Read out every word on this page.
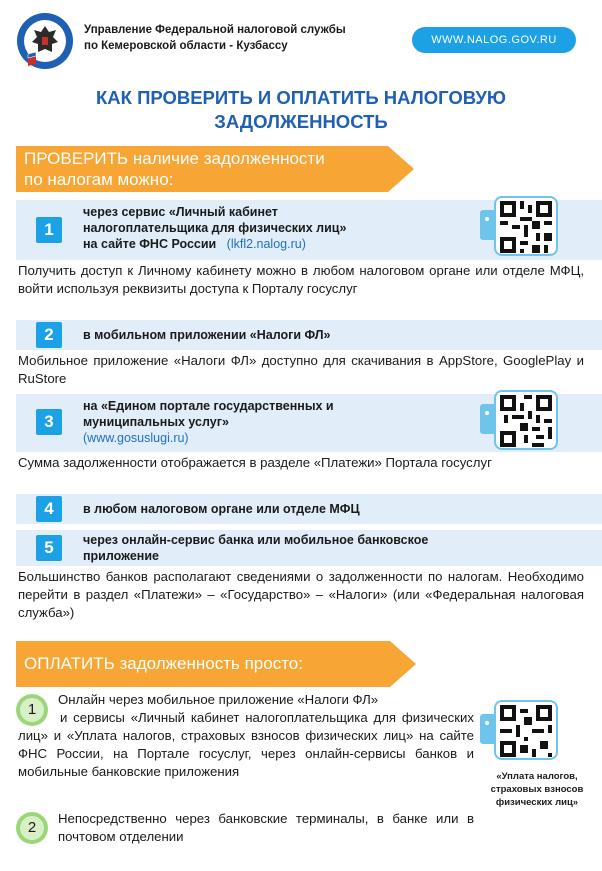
Управление Федеральной налоговой службы
по Кемеровской области - Кузбассу	WWW.NALOG.GOV.RU
КАК ПРОВЕРИТЬ И ОПЛАТИТЬ НАЛОГОВУЮ
ЗАДОЛЖЕННОСТЬ
ПРОВЕРИТЬ наличие задолженности
по налогам можно:
1
через сервис «Личный кабинет
налогоплательщика для физических лиц»
на сайте ФНС России (lkfl2.nalog.ru)
Получить доступ к Личному кабинету можно в любом налоговом органе или отделе МФЦ, войти используя реквизиты доступа к Порталу госуслуг
2	в мобильном приложении «Налоги ФЛ»
Мобильное приложение «Налоги ФЛ» доступно для скачивания в AppStore, GooglePlay и RuStore
3
на «Едином портале государственных и
муниципальных услуг»
(www.gosuslugi.ru)
Сумма задолженности отображается в разделе «Платежи» Портала госуслуг
4	в любом налоговом органе или отделе МФЦ
5	через онлайн-сервис банка или мобильное банковское
приложение
Большинство банков располагают сведениями о задолженности по налогам. Необходимо перейти в раздел «Платежи» – «Государство» – «Налоги» (или «Федеральная налоговая служба»)
ОПЛАТИТЬ задолженность просто:
1
Онлайн через мобильное приложение «Налоги ФЛ»
и сервисы «Личный кабинет налогоплательщика для физических лиц» и «Уплата налогов, страховых взносов физических лиц» на сайте ФНС России, на Портале госуслуг, через онлайн-сервисы банков и мобильные банковские приложения	«Уплата налогов, страховых взносов физических лиц»
2
Непосредственно через банковские терминалы, в банке или в почтовом отделении
